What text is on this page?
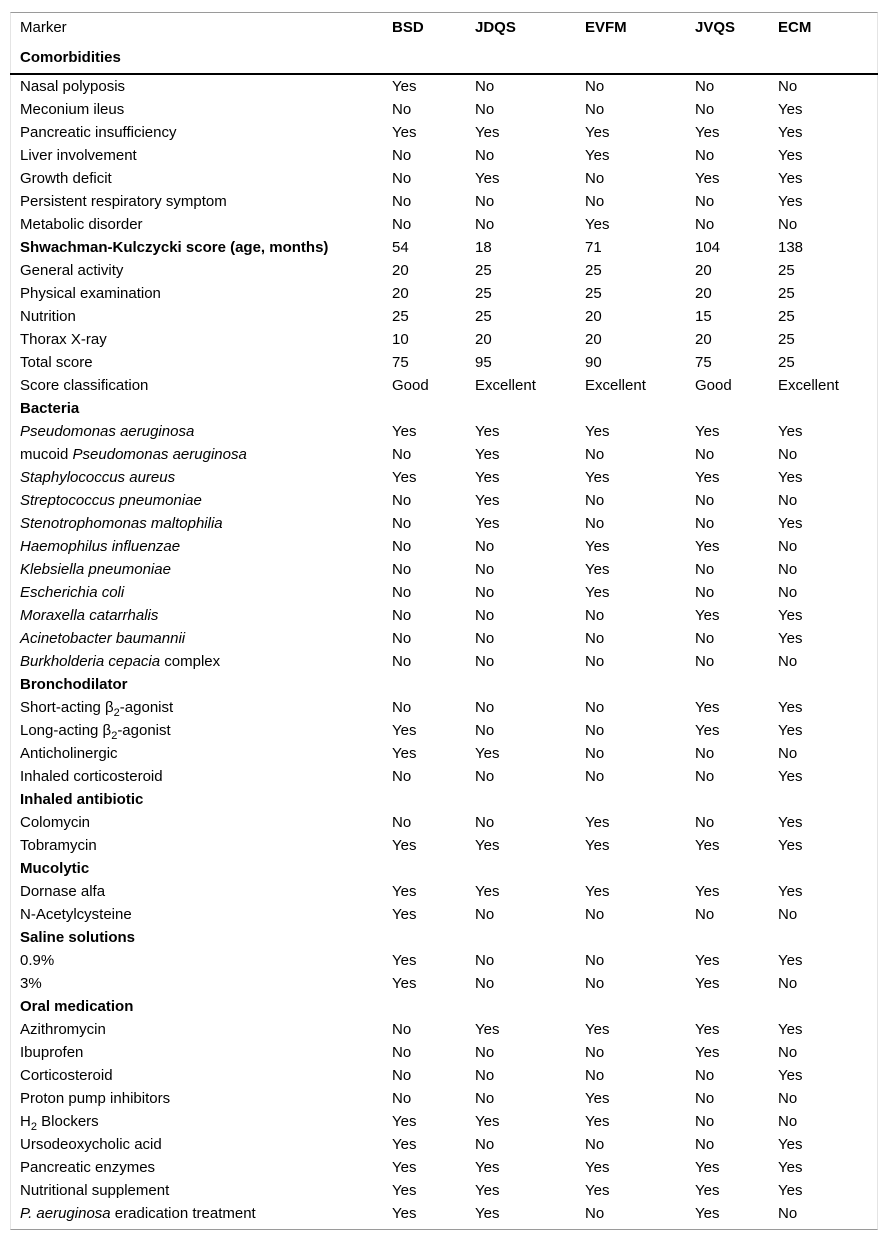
Marker	BSD	JDQS	EVFM	JVQS	ECM
Comorbidities					
Nasal polyposis	Yes	No	No	No	No
Meconium ileus	No	No	No	No	Yes
Pancreatic insufficiency	Yes	Yes	Yes	Yes	Yes
Liver involvement	No	No	Yes	No	Yes
Growth deficit	No	Yes	No	Yes	Yes
Persistent respiratory symptom	No	No	No	No	Yes
Metabolic disorder	No	No	Yes	No	No
Shwachman-Kulczycki score (age, months)	54	18	71	104	138
General activity	20	25	25	20	25
Physical examination	20	25	25	20	25
Nutrition	25	25	20	15	25
Thorax X-ray	10	20	20	20	25
Total score	75	95	90	75	25
Score classification	Good	Excellent	Excellent	Good	Excellent
Bacteria					
Pseudomonas aeruginosa	Yes	Yes	Yes	Yes	Yes
mucoid Pseudomonas aeruginosa	No	Yes	No	No	No
Staphylococcus aureus	Yes	Yes	Yes	Yes	Yes
Streptococcus pneumoniae	No	Yes	No	No	No
Stenotrophomonas maltophilia	No	Yes	No	No	Yes
Haemophilus influenzae	No	No	Yes	Yes	No
Klebsiella pneumoniae	No	No	Yes	No	No
Escherichia coli	No	No	Yes	No	No
Moraxella catarrhalis	No	No	No	Yes	Yes
Acinetobacter baumannii	No	No	No	No	Yes
Burkholderia cepacia complex	No	No	No	No	No
Bronchodilator					
Short-acting $\beta_2$-agonist	No	No	No	Yes	Yes
Long-acting $\beta_2$-agonist	Yes	No	No	Yes	Yes
Anticholinergic	Yes	Yes	No	No	No
Inhaled corticosteroid	No	No	No	No	Yes
Inhaled antibiotic					
Colomycin	No	No	Yes	No	Yes
Tobramycin	Yes	Yes	Yes	Yes	Yes
Mucolytic					
Dornase alfa	Yes	Yes	Yes	Yes	Yes
N-Acetylcysteine	Yes	No	No	No	No
Saline solutions					
0.9%	Yes	No	No	Yes	Yes
3%	Yes	No	No	Yes	No
Oral medication					
Azithromycin	No	Yes	Yes	Yes	Yes
Ibuprofen	No	No	No	Yes	No
Corticosteroid	No	No	No	No	Yes
Proton pump inhibitors	No	No	Yes	No	No
$H_2$ Blockers	Yes	Yes	Yes	No	No
Ursodeoxycholic acid	Yes	No	No	No	Yes
Pancreatic enzymes	Yes	Yes	Yes	Yes	Yes
Nutritional supplement	Yes	Yes	Yes	Yes	Yes
P. aeruginosa eradication treatment	Yes	Yes	No	Yes	No
